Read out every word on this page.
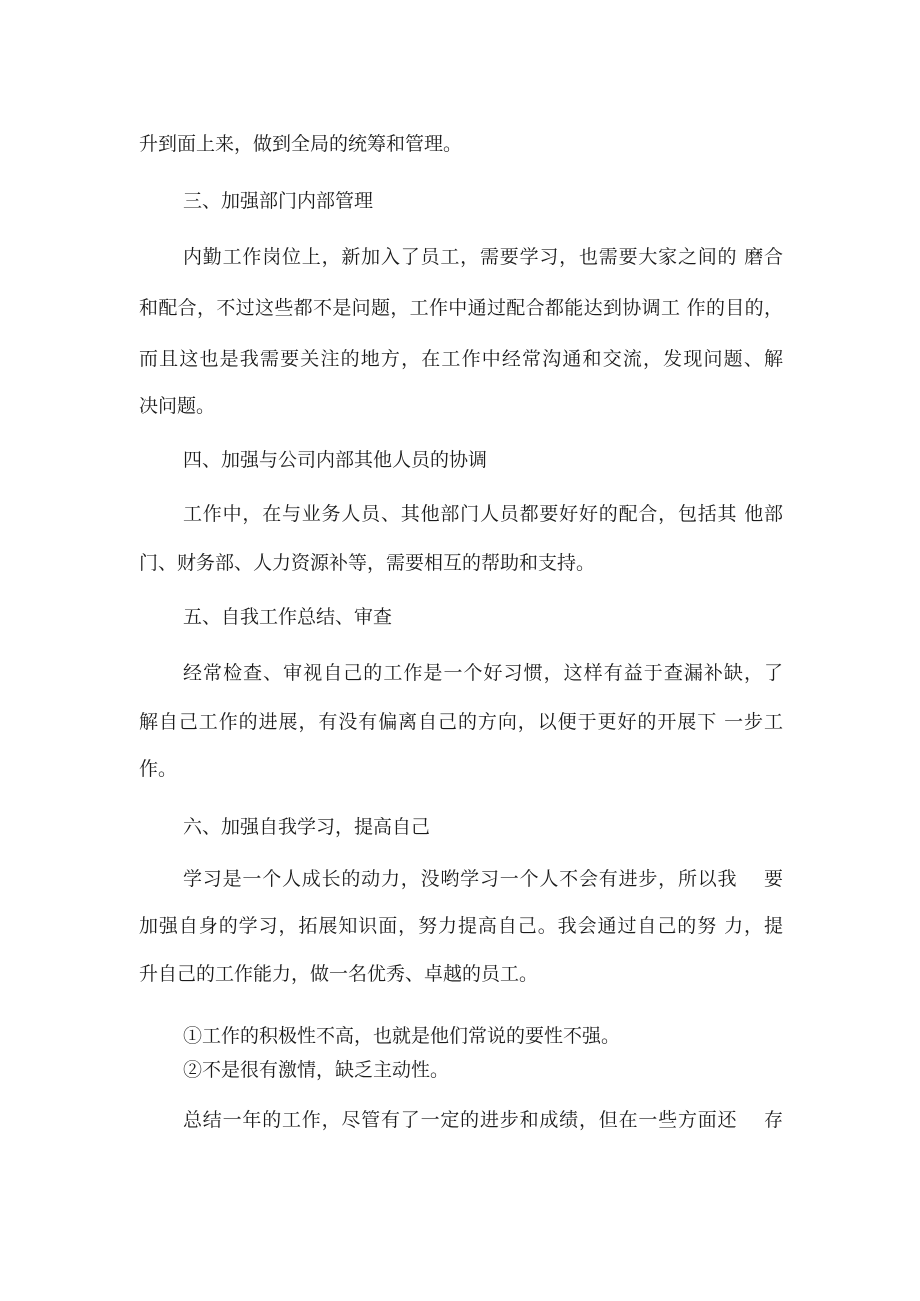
升到面上来，做到全局的统筹和管理。
三、加强部门内部管理
内勤工作岗位上，新加入了员工，需要学习，也需要大家之间的 磨合
和配合，不过这些都不是问题，工作中通过配合都能达到协调工 作的目的，
而且这也是我需要关注的地方，在工作中经常沟通和交流，发现问题、解
决问题。
四、加强与公司内部其他人员的协调
工作中，在与业务人员、其他部门人员都要好好的配合，包括其 他部
门、财务部、人力资源补等，需要相互的帮助和支持。
五、自我工作总结、审查
经常检查、审视自己的工作是一个好习惯，这样有益于查漏补缺，了
解自己工作的进展，有没有偏离自己的方向，以便于更好的开展下 一步工
作。
六、加强自我学习，提高自己
学习是一个人成长的动力，没哟学习一个人不会有进步，所以我　 要
加强自身的学习，拓展知识面，努力提高自己。我会通过自己的努 力，提
升自己的工作能力，做一名优秀、卓越的员工。
①工作的积极性不高，也就是他们常说的要性不强。
②不是很有激情，缺乏主动性。
总结一年的工作，尽管有了一定的进步和成绩，但在一些方面还　 存
